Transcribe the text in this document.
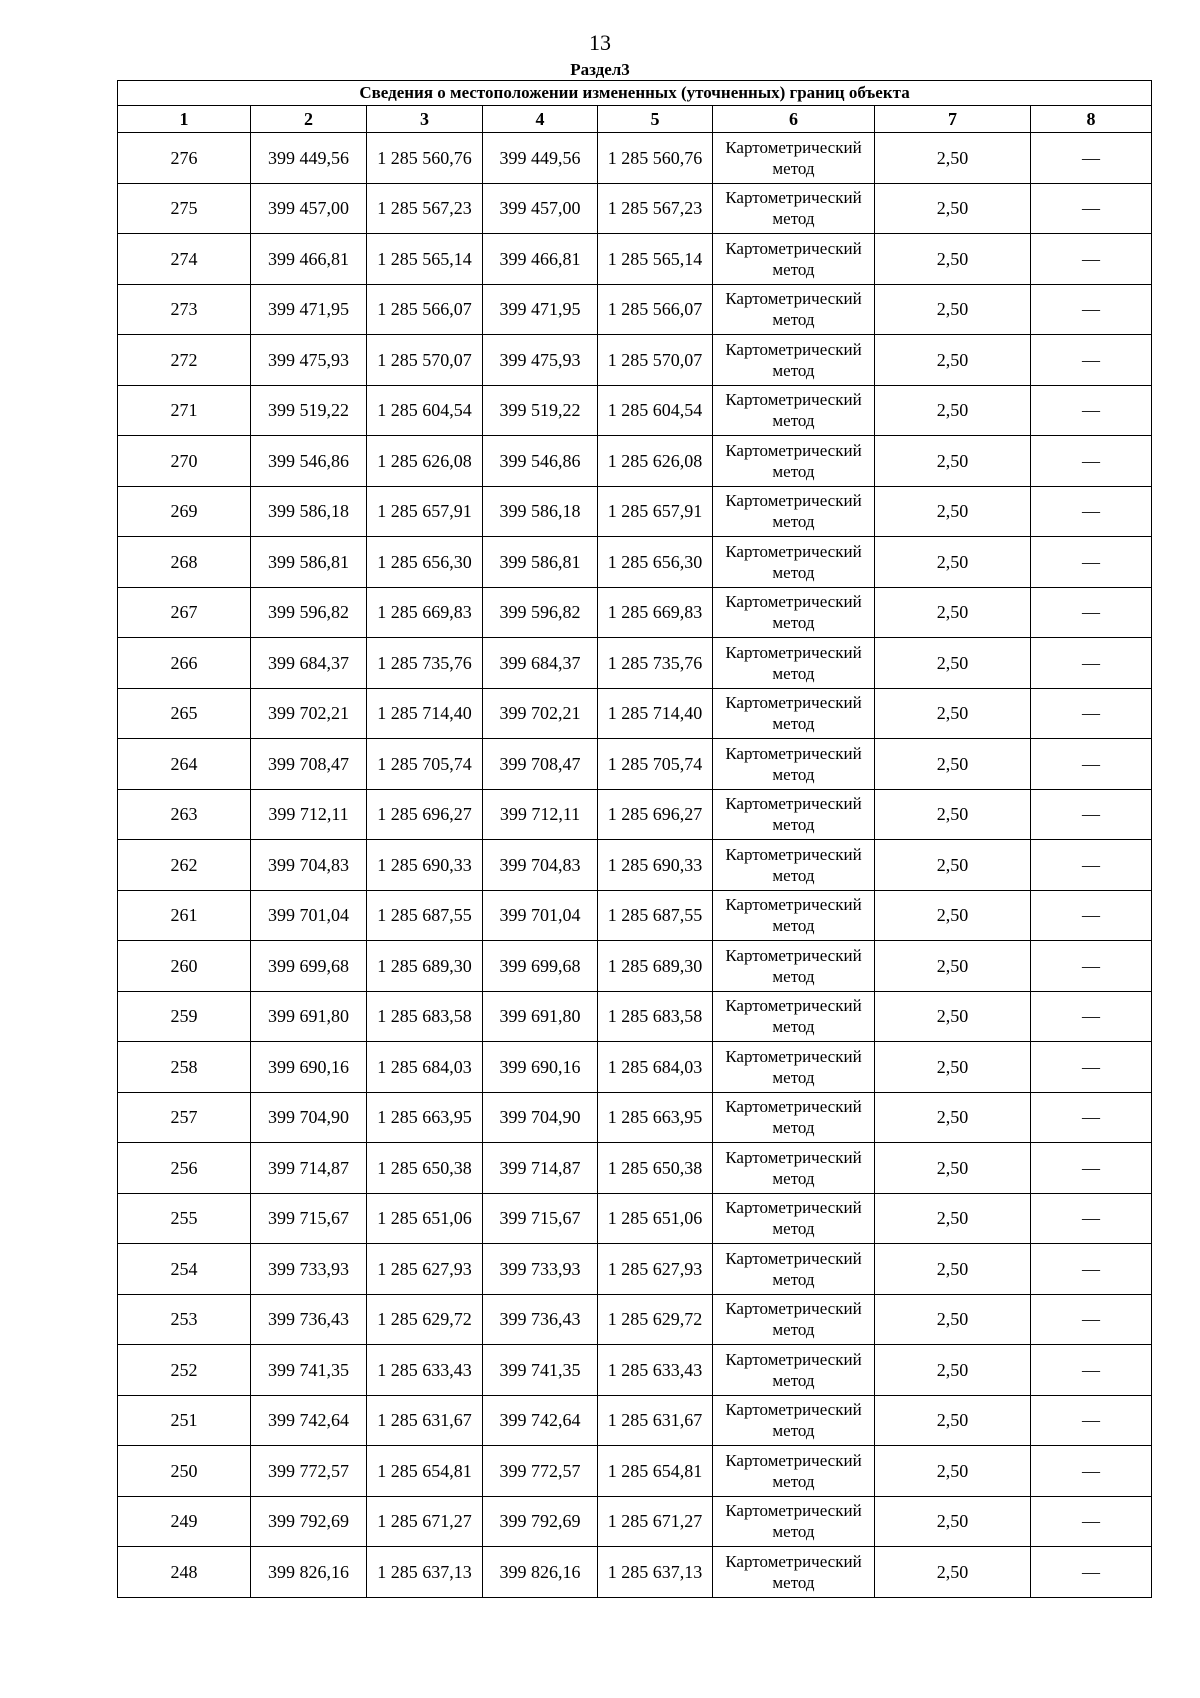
13
Раздел3
Сведения о местоположении измененных (уточненных) границ объекта							
1	2	3	4	5	6	7	8
276	399 449,56	1 285 560,76	399 449,56	1 285 560,76	Картометрический метод	2,50	—
275	399 457,00	1 285 567,23	399 457,00	1 285 567,23	Картометрический метод	2,50	—
274	399 466,81	1 285 565,14	399 466,81	1 285 565,14	Картометрический метод	2,50	—
273	399 471,95	1 285 566,07	399 471,95	1 285 566,07	Картометрический метод	2,50	—
272	399 475,93	1 285 570,07	399 475,93	1 285 570,07	Картометрический метод	2,50	—
271	399 519,22	1 285 604,54	399 519,22	1 285 604,54	Картометрический метод	2,50	—
270	399 546,86	1 285 626,08	399 546,86	1 285 626,08	Картометрический метод	2,50	—
269	399 586,18	1 285 657,91	399 586,18	1 285 657,91	Картометрический метод	2,50	—
268	399 586,81	1 285 656,30	399 586,81	1 285 656,30	Картометрический метод	2,50	—
267	399 596,82	1 285 669,83	399 596,82	1 285 669,83	Картометрический метод	2,50	—
266	399 684,37	1 285 735,76	399 684,37	1 285 735,76	Картометрический метод	2,50	—
265	399 702,21	1 285 714,40	399 702,21	1 285 714,40	Картометрический метод	2,50	—
264	399 708,47	1 285 705,74	399 708,47	1 285 705,74	Картометрический метод	2,50	—
263	399 712,11	1 285 696,27	399 712,11	1 285 696,27	Картометрический метод	2,50	—
262	399 704,83	1 285 690,33	399 704,83	1 285 690,33	Картометрический метод	2,50	—
261	399 701,04	1 285 687,55	399 701,04	1 285 687,55	Картометрический метод	2,50	—
260	399 699,68	1 285 689,30	399 699,68	1 285 689,30	Картометрический метод	2,50	—
259	399 691,80	1 285 683,58	399 691,80	1 285 683,58	Картометрический метод	2,50	—
258	399 690,16	1 285 684,03	399 690,16	1 285 684,03	Картометрический метод	2,50	—
257	399 704,90	1 285 663,95	399 704,90	1 285 663,95	Картометрический метод	2,50	—
256	399 714,87	1 285 650,38	399 714,87	1 285 650,38	Картометрический метод	2,50	—
255	399 715,67	1 285 651,06	399 715,67	1 285 651,06	Картометрический метод	2,50	—
254	399 733,93	1 285 627,93	399 733,93	1 285 627,93	Картометрический метод	2,50	—
253	399 736,43	1 285 629,72	399 736,43	1 285 629,72	Картометрический метод	2,50	—
252	399 741,35	1 285 633,43	399 741,35	1 285 633,43	Картометрический метод	2,50	—
251	399 742,64	1 285 631,67	399 742,64	1 285 631,67	Картометрический метод	2,50	—
250	399 772,57	1 285 654,81	399 772,57	1 285 654,81	Картометрический метод	2,50	—
249	399 792,69	1 285 671,27	399 792,69	1 285 671,27	Картометрический метод	2,50	—
248	399 826,16	1 285 637,13	399 826,16	1 285 637,13	Картометрический метод	2,50	—
